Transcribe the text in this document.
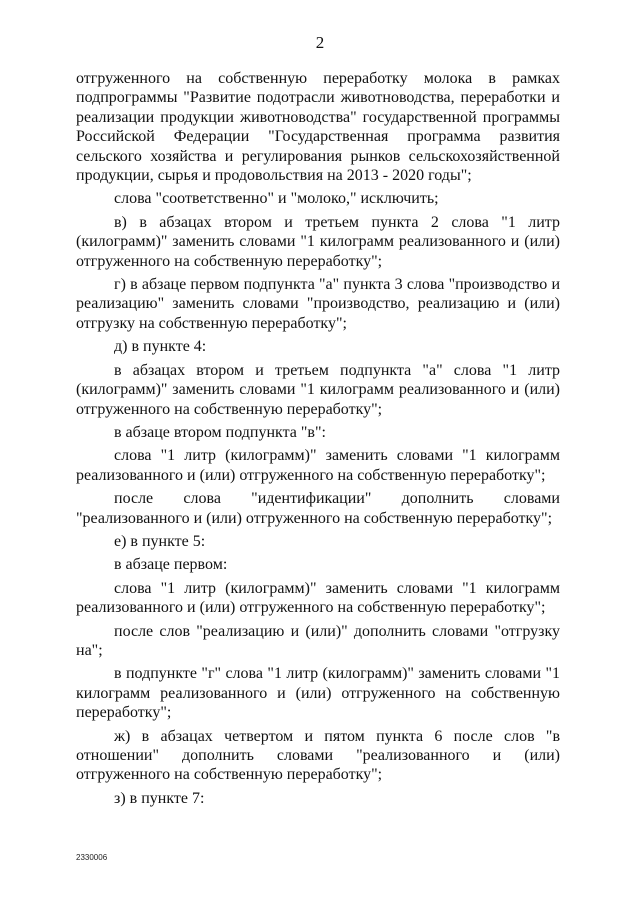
2

отгруженного на собственную переработку молока в рамках подпрограммы "Развитие подотрасли животноводства, переработки и реализации продукции животноводства" государственной программы Российской Федерации "Государственная программа развития сельского хозяйства и регулирования рынков сельскохозяйственной продукции, сырья и продовольствия на 2013 - 2020 годы";

слова "соответственно" и "молоко," исключить;

в) в абзацах втором и третьем пункта 2 слова "1 литр (килограмм)" заменить словами "1 килограмм реализованного и (или) отгруженного на собственную переработку";

г) в абзаце первом подпункта "а" пункта 3 слова "производство и реализацию" заменить словами "производство, реализацию и (или) отгрузку на собственную переработку";

д) в пункте 4:

в абзацах втором и третьем подпункта "а" слова "1 литр (килограмм)" заменить словами "1 килограмм реализованного и (или) отгруженного на собственную переработку";

в абзаце втором подпункта "в":

слова "1 литр (килограмм)" заменить словами "1 килограмм реализованного и (или) отгруженного на собственную переработку";

после слова "идентификации" дополнить словами "реализованного и (или) отгруженного на собственную переработку";

е) в пункте 5:

в абзаце первом:

слова "1 литр (килограмм)" заменить словами "1 килограмм реализованного и (или) отгруженного на собственную переработку";

после слов "реализацию и (или)" дополнить словами "отгрузку на";

в подпункте "г" слова "1 литр (килограмм)" заменить словами "1 килограмм реализованного и (или) отгруженного на собственную переработку";

ж) в абзацах четвертом и пятом пункта 6 после слов "в отношении" дополнить словами "реализованного и (или) отгруженного на собственную переработку";

з) в пункте 7:

2330006
